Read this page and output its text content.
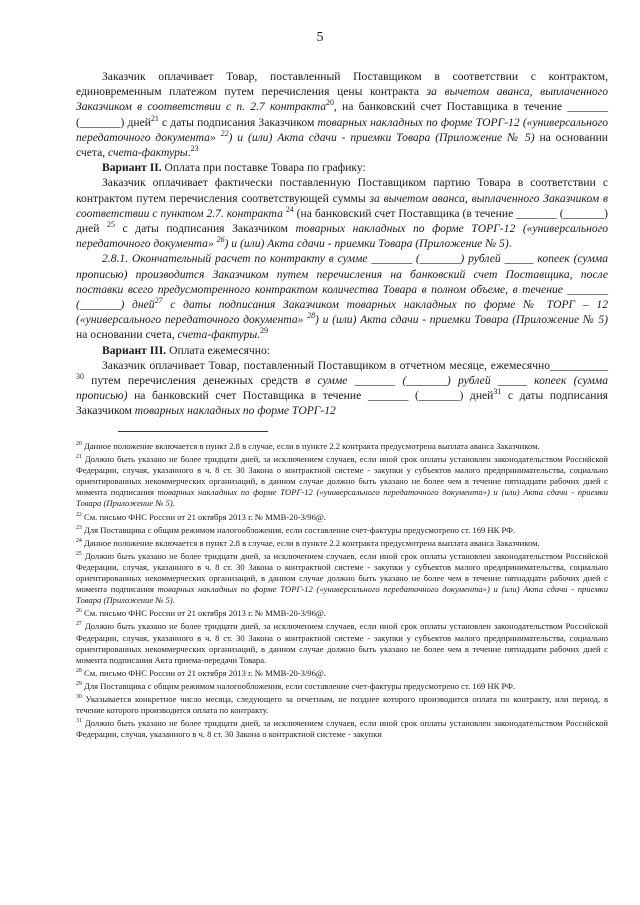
5

Заказчик оплачивает Товар, поставленный Поставщиком в соответствии с контрактом, единовременным платежом путем перечисления цены контракта за вычетом аванса, выплаченного Заказчиком в соответствии с п. 2.7 контракта$^{20}$, на банковский счет Поставщика в течение _______ (_______) дней$^{21}$ с даты подписания Заказчиком товарных накладных по форме ТОРГ-12 («универсального передаточного документа» $^{22}$) и (или) Акта сдачи - приемки Товара (Приложение № 5) на основании счета, счета-фактуры.$^{23}$

Вариант II. Оплата при поставке Товара по графику:

Заказчик оплачивает фактически поставленную Поставщиком партию Товара в соответствии с контрактом путем перечисления соответствующей суммы за вычетом аванса, выплаченного Заказчиком в соответствии с пунктом 2.7. контракта $^{24}$ (на банковский счет Поставщика (в течение _______ (_______) дней $^{25}$ с даты подписания Заказчиком товарных накладных по форме ТОРГ-12 («универсального передаточного документа» $^{26}$) и (или) Акта сдачи - приемки Товара (Приложение № 5).

2.8.1. Окончательный расчет по контракту в сумме _______ (_______) рублей _____ копеек (сумма прописью) производится Заказчиком путем перечисления на банковский счет Поставщика, после поставки всего предусмотренного контрактом количества Товара в полном объеме, в течение _______ (_______) дней$^{27}$ с даты подписания Заказчиком товарных накладных по форме № ТОРГ – 12 («универсального передаточного документа» $^{28}$) и (или) Акта сдачи - приемки Товара (Приложение № 5) на основании счета, счета-фактуры.$^{29}$

Вариант III. Оплата ежемесячно:

Заказчик оплачивает Товар, поставленный Поставщиком в отчетном месяце, ежемесячно__________ $^{30}$ путем перечисления денежных средств в сумме _______ (_______) рублей _____ копеек (сумма прописью) на банковский счет Поставщика в течение _______ (_______) дней$^{31}$ с даты подписания Заказчиком товарных накладных по форме ТОРГ-12

$^{20}$ Данное положение включается в пункт 2.8 в случае, если в пункте 2.2 контракта предусмотрена выплата аванса Заказчиком.

$^{21}$ Должно быть указано не более тридцати дней, за исключением случаев, если иной срок оплаты установлен законодательством Российской Федерации, случая, указанного в ч. 8 ст. 30 Закона о контрактной системе - закупки у субъектов малого предпринимательства, социально ориентированных некоммерческих организаций, в данном случае должно быть указано не более чем в течение пятнадцати рабочих дней с момента подписания товарных накладных по форме ТОРГ-12 («универсального передаточного документа») и (или) Акта сдачи - приемки Товара (Приложение № 5).

$^{22}$ См. письмо ФНС России от 21 октября 2013 г. № ММВ-20-3/96@.

$^{23}$ Для Поставщика с общим режимом налогообложения, если составление счет-фактуры предусмотрено ст. 169 НК РФ.

$^{24}$ Данное положение включается в пункт 2.8 в случае, если в пункте 2.2 контракта предусмотрена выплата аванса Заказчиком.

$^{25}$ Должно быть указано не более тридцати дней, за исключением случаев, если иной срок оплаты установлен законодательством Российской Федерации, случая, указанного в ч. 8 ст. 30 Закона о контрактной системе - закупки у субъектов малого предпринимательства, социально ориентированных некоммерческих организаций, в данном случае должно быть указано не более чем в течение пятнадцати рабочих дней с момента подписания товарных накладных по форме ТОРГ-12 («универсального передаточного документа») и (или) Акта сдачи - приемки Товара (Приложение № 5).

$^{26}$ См. письмо ФНС России от 21 октября 2013 г. № ММВ-20-3/96@.

$^{27}$ Должно быть указано не более тридцати дней, за исключением случаев, если иной срок оплаты установлен законодательством Российской Федерации, случая, указанного в ч. 8 ст. 30 Закона о контрактной системе - закупки у субъектов малого предпринимательства, социально ориентированных некоммерческих организаций, в данном случае должно быть указано не более чем в течение пятнадцати рабочих дней с момента подписания Акта приема-передачи Товара.

$^{28}$ См. письмо ФНС России от 21 октября 2013 г. № ММВ-20-3/96@.

$^{29}$ Для Поставщика с общим режимом налогообложения, если составление счет-фактуры предусмотрено ст. 169 НК РФ.

$^{30}$ Указывается конкретное число месяца, следующего за отчетным, не позднее которого производится оплата по контракту, или период, в течение которого производится оплата по контракту.

$^{31}$ Должно быть указано не более тридцати дней, за исключением случаев, если иной срок оплаты установлен законодательством Российской Федерации, случая, указанного в ч. 8 ст. 30 Закона о контрактной системе - закупки
